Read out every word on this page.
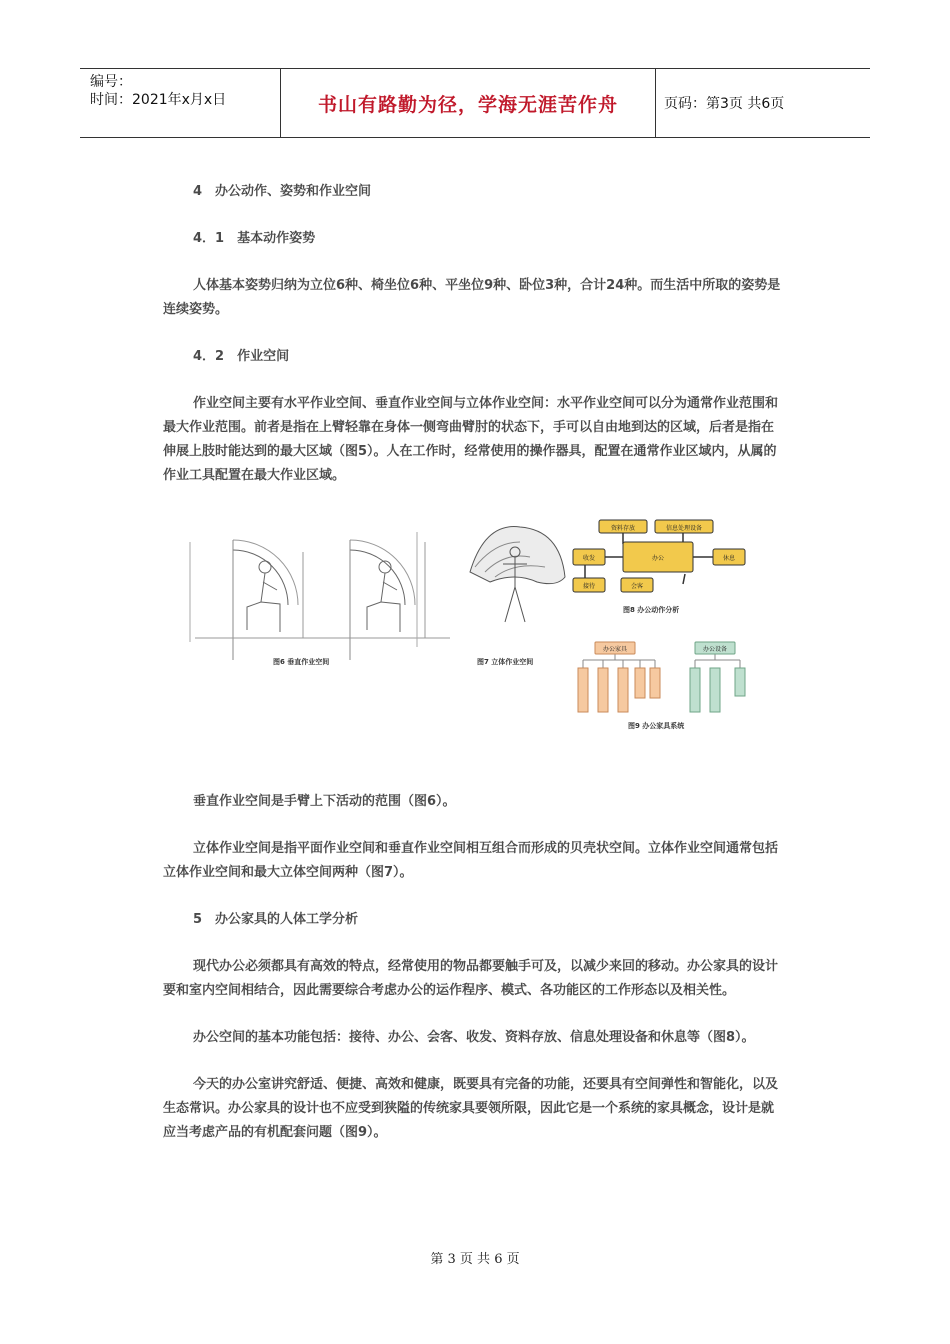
编号：
时间：2021年x月x日	书山有路勤为径，学海无涯苦作舟	页码：第3页 共6页

4　办公动作、姿势和作业空间

4．1　基本动作姿势

人体基本姿势归纳为立位6种、椅坐位6种、平坐位9种、卧位3种，合计24种。而生活中所取的姿势是连续姿势。

4．2　作业空间

作业空间主要有水平作业空间、垂直作业空间与立体作业空间：水平作业空间可以分为通常作业范围和最大作业范围。前者是指在上臂轻靠在身体一侧弯曲臂肘的状态下，手可以自由地到达的区域，后者是指在伸展上肢时能达到的最大区域（图5）。人在工作时，经常使用的操作器具，配置在通常作业区域内，从属的作业工具配置在最大作业区域。

图6 垂直作业空间	图7 立体作业空间
资料存放	信息处理设备
收发	办公	休息
接待	会客
图8 办公动作分析
办公家具	办公设备
图9 办公家具系统

垂直作业空间是手臂上下活动的范围（图6）。

立体作业空间是指平面作业空间和垂直作业空间相互组合而形成的贝壳状空间。立体作业空间通常包括立体作业空间和最大立体空间两种（图7）。

5　办公家具的人体工学分析

现代办公必须都具有高效的特点，经常使用的物品都要触手可及，以减少来回的移动。办公家具的设计要和室内空间相结合，因此需要综合考虑办公的运作程序、模式、各功能区的工作形态以及相关性。

办公空间的基本功能包括：接待、办公、会客、收发、资料存放、信息处理设备和休息等（图8）。

今天的办公室讲究舒适、便捷、高效和健康，既要具有完备的功能，还要具有空间弹性和智能化，以及生态常识。办公家具的设计也不应受到狭隘的传统家具要领所限，因此它是一个系统的家具概念，设计是就应当考虑产品的有机配套问题（图9）。

第 3 页 共 6 页
